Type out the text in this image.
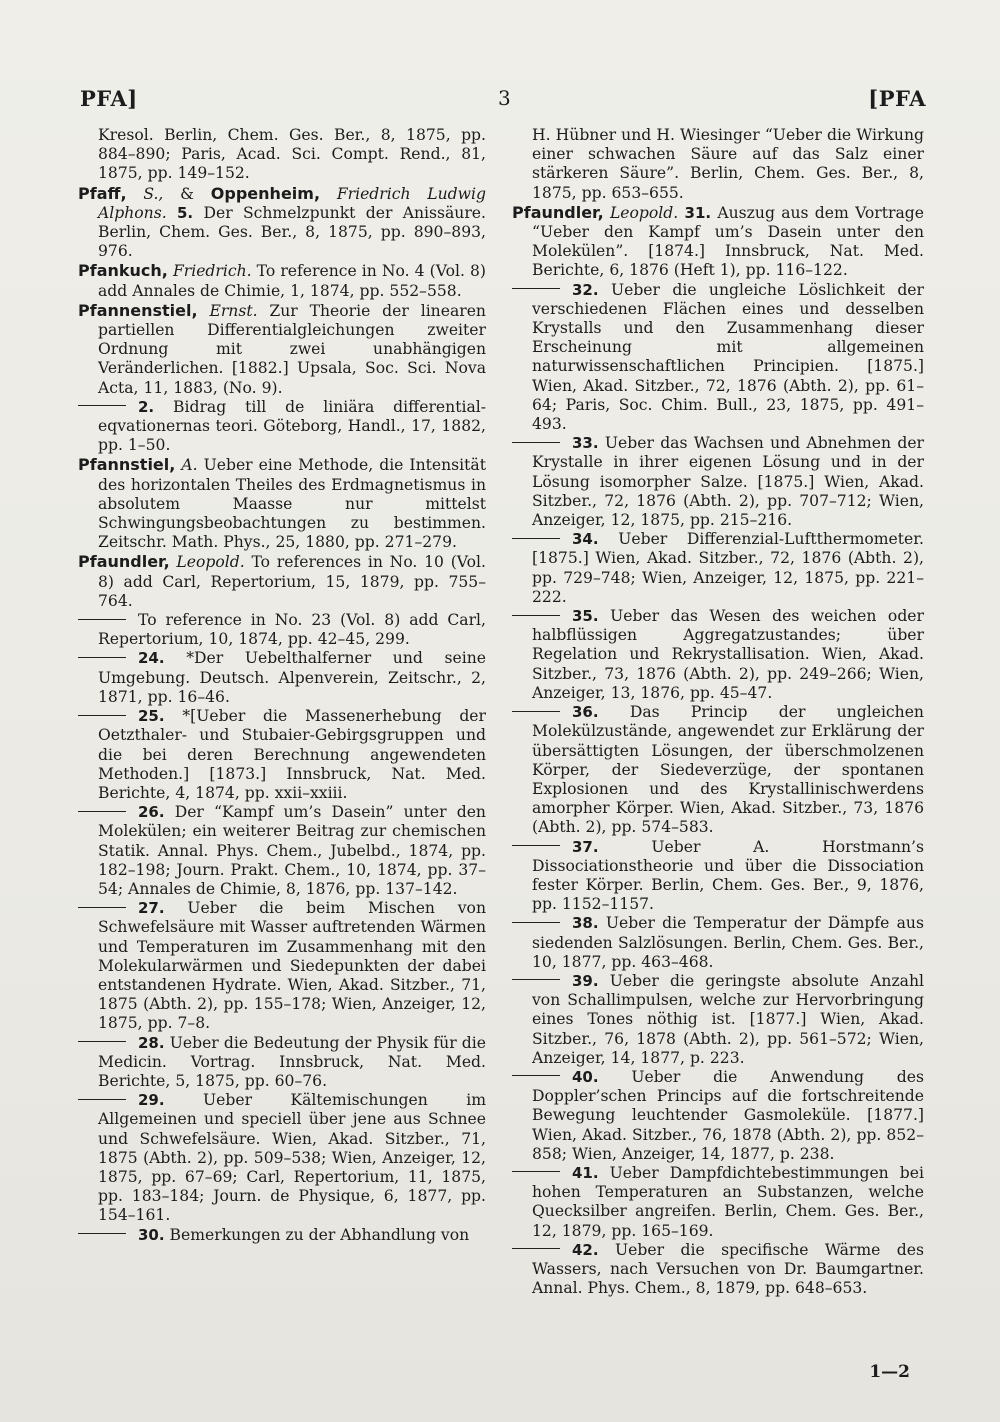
PFA]	3	[PFA

Kresol. Berlin, Chem. Ges. Ber., 8, 1875, pp. 884–890; Paris, Acad. Sci. Compt. Rend., 81, 1875, pp. 149–152.

Pfaff, S., & Oppenheim, Friedrich Ludwig Alphons. 5. Der Schmelzpunkt der Anissäure. Berlin, Chem. Ges. Ber., 8, 1875, pp. 890–893, 976.

Pfankuch, Friedrich. To reference in No. 4 (Vol. 8) add Annales de Chimie, 1, 1874, pp. 552–558.

Pfannenstiel, Ernst. Zur Theorie der linearen partiellen Differentialgleichungen zweiter Ordnung mit zwei unabhängigen Veränderlichen. [1882.] Upsala, Soc. Sci. Nova Acta, 11, 1883, (No. 9).

2. Bidrag till de liniära differential-eqvationernas teori. Göteborg, Handl., 17, 1882, pp. 1–50.

Pfannstiel, A. Ueber eine Methode, die Intensität des horizontalen Theiles des Erdmagnetismus in absolutem Maasse nur mittelst Schwingungsbeobachtungen zu bestimmen. Zeitschr. Math. Phys., 25, 1880, pp. 271–279.

Pfaundler, Leopold. To references in No. 10 (Vol. 8) add Carl, Repertorium, 15, 1879, pp. 755–764.

To reference in No. 23 (Vol. 8) add Carl, Repertorium, 10, 1874, pp. 42–45, 299.

24. *Der Uebelthalferner und seine Umgebung. Deutsch. Alpenverein, Zeitschr., 2, 1871, pp. 16–46.

25. *[Ueber die Massenerhebung der Oetzthaler- und Stubaier-Gebirgsgruppen und die bei deren Berechnung angewendeten Methoden.] [1873.] Innsbruck, Nat. Med. Berichte, 4, 1874, pp. xxii–xxiii.

26. Der “Kampf um’s Dasein” unter den Molekülen; ein weiterer Beitrag zur chemischen Statik. Annal. Phys. Chem., Jubelbd., 1874, pp. 182–198; Journ. Prakt. Chem., 10, 1874, pp. 37–54; Annales de Chimie, 8, 1876, pp. 137–142.

27. Ueber die beim Mischen von Schwefelsäure mit Wasser auftretenden Wärmen und Temperaturen im Zusammenhang mit den Molekularwärmen und Siedepunkten der dabei entstandenen Hydrate. Wien, Akad. Sitzber., 71, 1875 (Abth. 2), pp. 155–178; Wien, Anzeiger, 12, 1875, pp. 7–8.

28. Ueber die Bedeutung der Physik für die Medicin. Vortrag. Innsbruck, Nat. Med. Berichte, 5, 1875, pp. 60–76.

29. Ueber Kältemischungen im Allgemeinen und speciell über jene aus Schnee und Schwefelsäure. Wien, Akad. Sitzber., 71, 1875 (Abth. 2), pp. 509–538; Wien, Anzeiger, 12, 1875, pp. 67–69; Carl, Repertorium, 11, 1875, pp. 183–184; Journ. de Physique, 6, 1877, pp. 154–161.

30. Bemerkungen zu der Abhandlung von

H. Hübner und H. Wiesinger “Ueber die Wirkung einer schwachen Säure auf das Salz einer stärkeren Säure”. Berlin, Chem. Ges. Ber., 8, 1875, pp. 653–655.

Pfaundler, Leopold. 31. Auszug aus dem Vortrage “Ueber den Kampf um’s Dasein unter den Molekülen”. [1874.] Innsbruck, Nat. Med. Berichte, 6, 1876 (Heft 1), pp. 116–122.

32. Ueber die ungleiche Löslichkeit der verschiedenen Flächen eines und desselben Krystalls und den Zusammenhang dieser Erscheinung mit allgemeinen naturwissenschaftlichen Principien. [1875.] Wien, Akad. Sitzber., 72, 1876 (Abth. 2), pp. 61–64; Paris, Soc. Chim. Bull., 23, 1875, pp. 491–493.

33. Ueber das Wachsen und Abnehmen der Krystalle in ihrer eigenen Lösung und in der Lösung isomorpher Salze. [1875.] Wien, Akad. Sitzber., 72, 1876 (Abth. 2), pp. 707–712; Wien, Anzeiger, 12, 1875, pp. 215–216.

34. Ueber Differenzial-Luftthermometer. [1875.] Wien, Akad. Sitzber., 72, 1876 (Abth. 2), pp. 729–748; Wien, Anzeiger, 12, 1875, pp. 221–222.

35. Ueber das Wesen des weichen oder halbflüssigen Aggregatzustandes; über Regelation und Rekrystallisation. Wien, Akad. Sitzber., 73, 1876 (Abth. 2), pp. 249–266; Wien, Anzeiger, 13, 1876, pp. 45–47.

36. Das Princip der ungleichen Molekülzustände, angewendet zur Erklärung der übersättigten Lösungen, der überschmolzenen Körper, der Siedeverzüge, der spontanen Explosionen und des Krystallinischwerdens amorpher Körper. Wien, Akad. Sitzber., 73, 1876 (Abth. 2), pp. 574–583.

37.	Ueber A. Horstmann’s Dissociationstheorie und über die Dissociation fester Körper. Berlin, Chem. Ges. Ber., 9, 1876, pp. 1152–1157.

38. Ueber die Temperatur der Dämpfe aus siedenden Salzlösungen. Berlin, Chem. Ges. Ber., 10, 1877, pp. 463–468.

39. Ueber die geringste absolute Anzahl von Schallimpulsen, welche zur Hervorbringung eines Tones nöthig ist. [1877.] Wien, Akad. Sitzber., 76, 1878 (Abth. 2), pp. 561–572; Wien, Anzeiger, 14, 1877, p. 223.

40. Ueber die Anwendung des Doppler’schen Princips auf die fortschreitende Bewegung leuchtender Gasmoleküle. [1877.] Wien, Akad. Sitzber., 76, 1878 (Abth. 2), pp. 852–858; Wien, Anzeiger, 14, 1877, p. 238.

41. Ueber Dampfdichtebestimmungen bei hohen Temperaturen an Substanzen, welche Quecksilber angreifen. Berlin, Chem. Ges. Ber., 12, 1879, pp. 165–169.

42. Ueber die specifische Wärme des Wassers, nach Versuchen von Dr. Baumgartner. Annal. Phys. Chem., 8, 1879, pp. 648–653.

1—2
